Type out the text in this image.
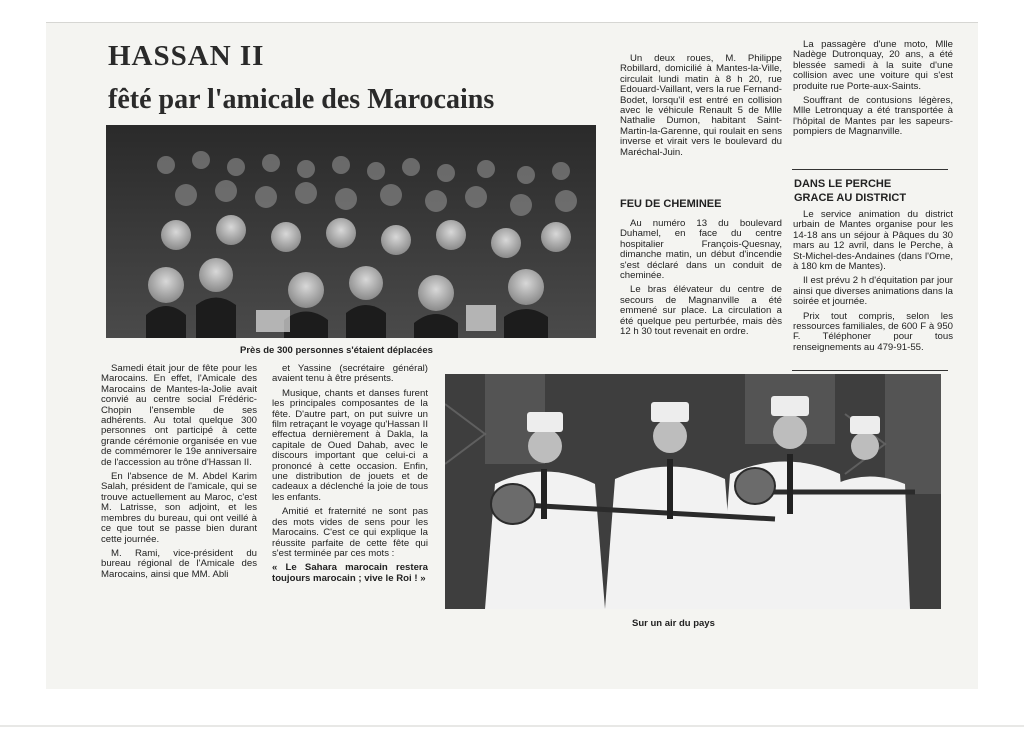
HASSAN II
fêté par l'amicale des Marocains
Près de 300 personnes s'étaient déplacées

Samedi était jour de fête pour les Marocains. En effet, l'Amicale des Marocains de Mantes-la-Jolie avait convié au centre social Frédéric-Chopin l'ensemble de ses adhérents. Au total quelque 300 personnes ont participé à cette grande cérémonie organisée en vue de commémorer le 19e anniversaire de l'accession au trône d'Hassan II.

En l'absence de M. Abdel Karim Salah, président de l'amicale, qui se trouve actuellement au Maroc, c'est M. Latrisse, son adjoint, et les membres du bureau, qui ont veillé à ce que tout se passe bien durant cette journée.

M. Rami, vice-président du bureau régional de l'Amicale des Marocains, ainsi que MM. Abli

et Yassine (secrétaire général) avaient tenu à être présents.

Musique, chants et danses furent les principales composantes de la fête. D'autre part, on put suivre un film retraçant le voyage qu'Hassan II effectua dernièrement à Dakla, la capitale de Oued Dahab, avec le discours important que celui-ci a prononcé à cette occasion. Enfin, une distribution de jouets et de cadeaux a déclenché la joie de tous les enfants.

Amitié et fraternité ne sont pas des mots vides de sens pour les Marocains. C'est ce qui explique la réussite parfaite de cette fête qui s'est terminée par ces mots :

« Le Sahara marocain restera toujours marocain ; vive le Roi ! »

Sur un air du pays

Un deux roues, M. Philippe Robillard, domicilié à Mantes-la-Ville, circulait lundi matin à 8 h 20, rue Edouard-Vaillant, vers la rue Fernand-Bodet, lorsqu'il est entré en collision avec le véhicule Renault 5 de Mlle Nathalie Dumon, habitant Saint-Martin-la-Garenne, qui roulait en sens inverse et virait vers le boulevard du Maréchal-Juin.

FEU DE CHEMINEE

Au numéro 13 du boulevard Duhamel, en face du centre hospitalier François-Quesnay, dimanche matin, un début d'incendie s'est déclaré dans un conduit de cheminée.

Le bras élévateur du centre de secours de Magnanville a été emmené sur place. La circulation a été quelque peu perturbée, mais dès 12 h 30 tout revenait en ordre.

La passagère d'une moto, Mlle Nadège Dutronquay, 20 ans, a été blessée samedi à la suite d'une collision avec une voiture qui s'est produite rue Porte-aux-Saints.

Souffrant de contusions légères, Mlle Letronquay a été transportée à l'hôpital de Mantes par les sapeurs-pompiers de Magnanville.

DANS LE PERCHE
GRACE AU DISTRICT

Le service animation du district urbain de Mantes organise pour les 14-18 ans un séjour à Pâques du 30 mars au 12 avril, dans le Perche, à St-Michel-des-Andaines (dans l'Orne, à 180 km de Mantes).

Il est prévu 2 h d'équitation par jour ainsi que diverses animations dans la soirée et journée.

Prix tout compris, selon les ressources familiales, de 600 F à 950 F. Téléphoner pour tous renseignements au 479-91-55.
